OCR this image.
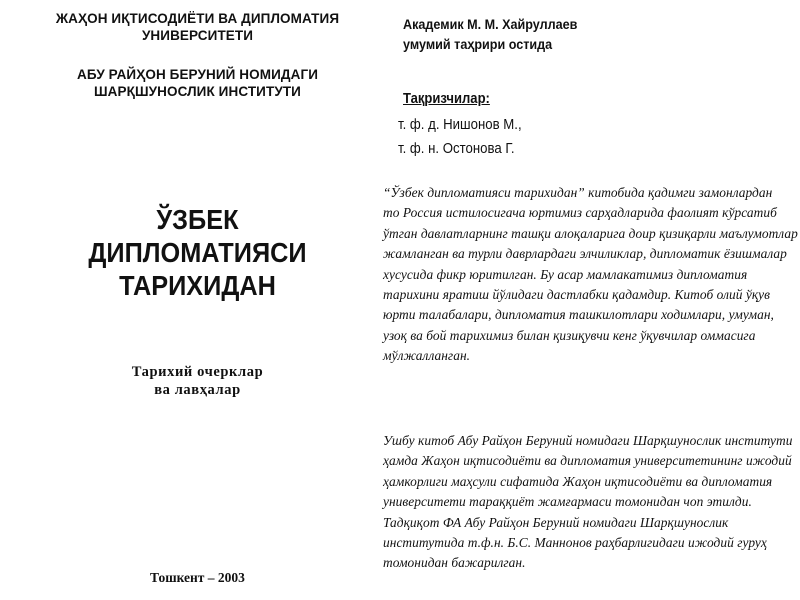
ЖАҲОН ИҚТИСОДИЁТИ ВА ДИПЛОМАТИЯ
УНИВЕРСИТЕТИ
АБУ РАЙҲОН БЕРУНИЙ НОМИДАГИ
ШАРҚШУНОСЛИК ИНСТИТУТИ
ЎЗБЕК
ДИПЛОМАТИЯСИ
ТАРИХИДАН
Тарихий очерклар
ва лавҳалар
Тошкент – 2003
Академик М. М. Хайруллаев
умумий таҳрири остида
Тақризчилар:
т. ф. д. Нишонов М.,
т. ф. н. Остонова Г.
“Ўзбек дипломатияси тарихидан” китобида қадимги замонлардан
то Россия истилосигача юртимиз сарҳадларида фаолият кўрсатиб
ўтган давлатларнинг ташқи алоқаларига доир қизиқарли маълумотлар
жамланган ва турли даврлардаги элчиликлар, дипломатик ёзишмалар
хусусида фикр юритилган. Бу асар мамлакатимиз дипломатия
тарихини яратиш йўлидаги дастлабки қадамдир. Китоб олий ўқув
юрти талабалари, дипломатия ташкилотлари ходимлари, умуман,
узоқ ва бой тарихимиз билан қизиқувчи кенг ўқувчилар оммасига
мўлжалланган.
Ушбу китоб Абу Райҳон Беруний номидаги Шарқшунослик институти
ҳамда Жаҳон иқтисодиёти ва дипломатия университетининг ижодий
ҳамкорлиги маҳсули сифатида Жаҳон иқтисодиёти ва дипломатия
университети тараққиёт жамғармаси томонидан чоп этилди.
Тадқиқот ФА Абу Райҳон Беруний номидаги Шарқшунослик
институтида т.ф.н. Б.С. Маннонов раҳбарлигидаги ижодий гуруҳ
томонидан бажарилган.
